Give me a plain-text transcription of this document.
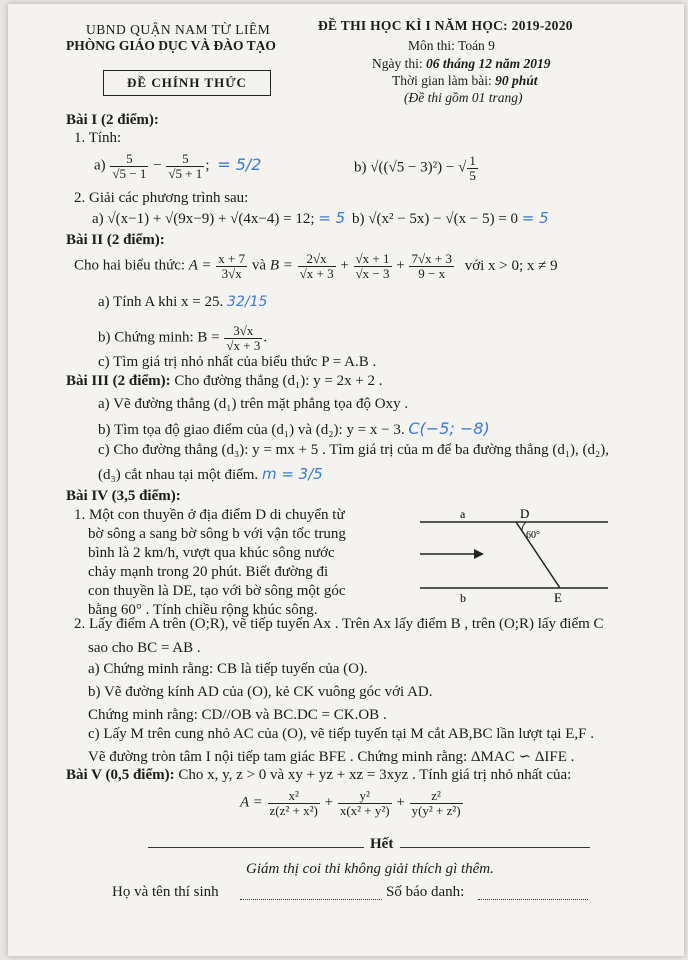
UBND QUẬN NAM TỪ LIÊM
PHÒNG GIÁO DỤC VÀ ĐÀO TẠO
ĐỀ CHÍNH THỨC
ĐỀ THI HỌC KÌ I NĂM HỌC: 2019-2020
Môn thi: Toán 9
Ngày thi: 06 tháng 12 năm 2019
Thời gian làm bài: 90 phút
(Đề thi gồm 01 trang)
Bài I (2 điểm):
1. Tính:
$a) \frac{5}{√5 - 1} - \frac{5}{√5 + 1}$ ; = 5/2	b) √((√5 − 3)²) − √ $\frac{1}{5}$
2. Giải các phương trình sau:
a) √(x−1) + √(9x−9) + √(4x−4) = 12; = 5 b) √(x² − 5x) − √(x − 5) = 0 = 5
Bài II (2 điểm):
Cho hai biểu thức: $A = \frac{x + 7}{3√x}$ và $B = \frac{2√x}{√x + 3} + \frac{√x + 1}{√x - 3} + \frac{7√x + 3}{9 - x}$ với x > 0; x ≠ 9
a) Tính A khi x = 25. 32/15
b) Chứng minh: $B = \frac{3√x}{√x + 3}$ .
c) Tìm giá trị nhỏ nhất của biểu thức P = A.B .
Bài III (2 điểm): Cho đường thẳng (d₁): y = 2x + 2 .
a) Vẽ đường thẳng (d₁) trên mặt phẳng tọa độ Oxy .
b) Tìm tọa độ giao điểm của (d₁) và (d₂): y = x − 3. C(−5; −8)
c) Cho đường thẳng (d₃): y = mx + 5 . Tìm giá trị của m để ba đường thẳng (d₁), (d₂),
(d₃) cắt nhau tại một điểm. m = 3/5
Bài IV (3,5 điểm):
1. Một con thuyền ở địa điểm D di chuyển từ
bờ sông a sang bờ sông b với vận tốc trung
bình là 2 km/h, vượt qua khúc sông nước
chảy mạnh trong 20 phút. Biết đường đi
con thuyền là DE, tạo với bờ sông một góc
bằng 60° . Tính chiều rộng khúc sông.
a	D
60°
b	E
2. Lấy điểm A trên (O;R), vẽ tiếp tuyến Ax . Trên Ax lấy điểm B , trên (O;R) lấy điểm C
sao cho BC = AB .
a) Chứng minh rằng: CB là tiếp tuyến của (O).
b) Vẽ đường kính AD của (O), kẻ CK vuông góc với AD.
Chứng minh rằng: CD//OB và BC.DC = CK.OB .
c) Lấy M trên cung nhỏ AC của (O), vẽ tiếp tuyến tại M cắt AB,BC lần lượt tại E,F .
Vẽ đường tròn tâm I nội tiếp tam giác BFE . Chứng minh rằng: ΔMAC ∽ ΔIFE .
Bài V (0,5 điểm): Cho x, y, z > 0 và xy + yz + xz = 3xyz . Tính giá trị nhỏ nhất của:
$A = \frac{\text{x²}}{\text{z(z² + x²)}} + \frac{\text{y²}}{\text{x(x² + y²)}} + \frac{\text{z²}}{\text{y(y² + z²)}}$
Hết
Giám thị coi thi không giải thích gì thêm.
Họ và tên thí sinh	Số báo danh:
